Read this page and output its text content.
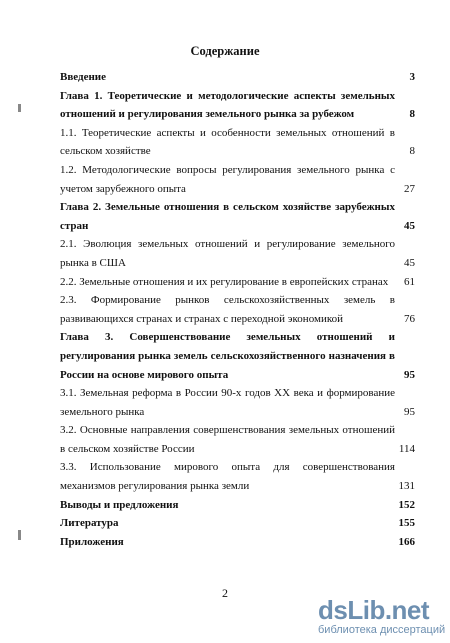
Содержание
Введение	3
Глава 1. Теоретические и методологические аспекты земельных
отношений и регулирования земельного рынка за рубежом	8
1.1. Теоретические аспекты и особенности земельных отношений в
сельском хозяйстве	8
1.2. Методологические вопросы регулирования земельного рынка с
учетом зарубежного опыта	27
Глава 2. Земельные отношения в сельском хозяйстве зарубежных
стран	45
2.1. Эволюция земельных отношений и регулирование земельного
рынка в США	45
2.2. Земельные отношения и их регулирование в европейских странах	61
2.3. Формирование рынков сельскохозяйственных земель в
развивающихся странах и странах с переходной экономикой	76
Глава 3. Совершенствование земельных отношений и
регулирования рынка земель сельскохозяйственного назначения в
России на основе мирового опыта	95
3.1. Земельная реформа в России 90-х годов XX века и формирование
земельного рынка	95
3.2. Основные направления совершенствования земельных отношений
в сельском хозяйстве России	114
3.3. Использование мирового опыта для совершенствования
механизмов регулирования рынка земли	131
Выводы и предложения	152
Литература	155
Приложения	166
2
dsLib.net
библиотека диссертаций
